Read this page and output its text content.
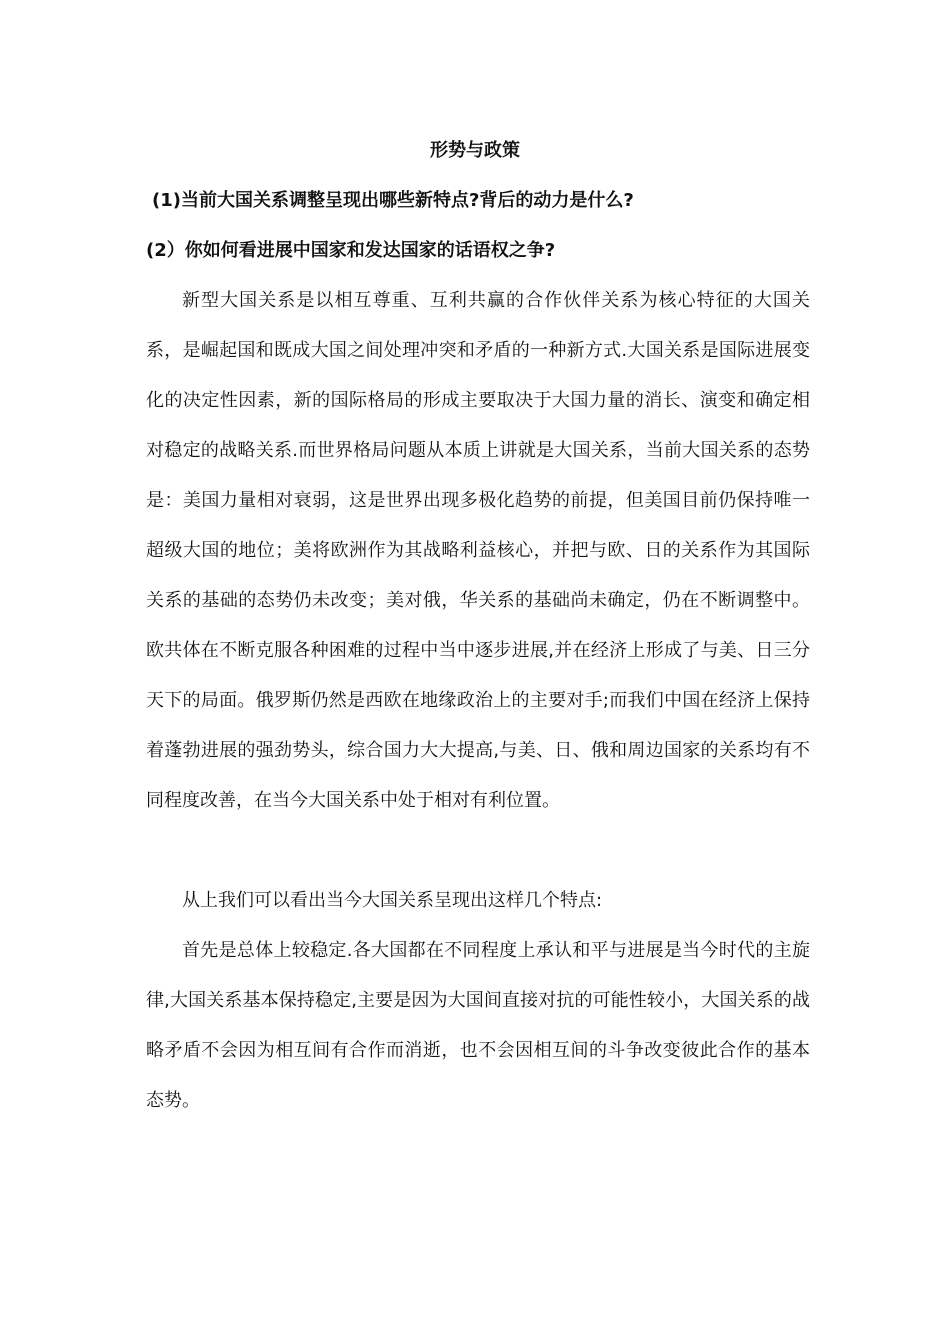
形势与政策
(1)当前大国关系调整呈现出哪些新特点?背后的动力是什么?
(2）你如何看进展中国家和发达国家的话语权之争?

新型大国关系是以相互尊重、互利共赢的合作伙伴关系为核心特征的大国关系，是崛起国和既成大国之间处理冲突和矛盾的一种新方式.大国关系是国际进展变化的决定性因素，新的国际格局的形成主要取决于大国力量的消长、演变和确定相对稳定的战略关系.而世界格局问题从本质上讲就是大国关系，当前大国关系的态势是：美国力量相对衰弱，这是世界出现多极化趋势的前提，但美国目前仍保持唯一超级大国的地位；美将欧洲作为其战略利益核心，并把与欧、日的关系作为其国际关系的基础的态势仍未改变；美对俄，华关系的基础尚未确定，仍在不断调整中。欧共体在不断克服各种困难的过程中当中逐步进展,并在经济上形成了与美、日三分天下的局面。俄罗斯仍然是西欧在地缘政治上的主要对手;而我们中国在经济上保持着蓬勃进展的强劲势头，综合国力大大提高,与美、日、俄和周边国家的关系均有不同程度改善，在当今大国关系中处于相对有利位置。

从上我们可以看出当今大国关系呈现出这样几个特点:

首先是总体上较稳定.各大国都在不同程度上承认和平与进展是当今时代的主旋律,大国关系基本保持稳定,主要是因为大国间直接对抗的可能性较小，大国关系的战略矛盾不会因为相互间有合作而消逝，也不会因相互间的斗争改变彼此合作的基本态势。
